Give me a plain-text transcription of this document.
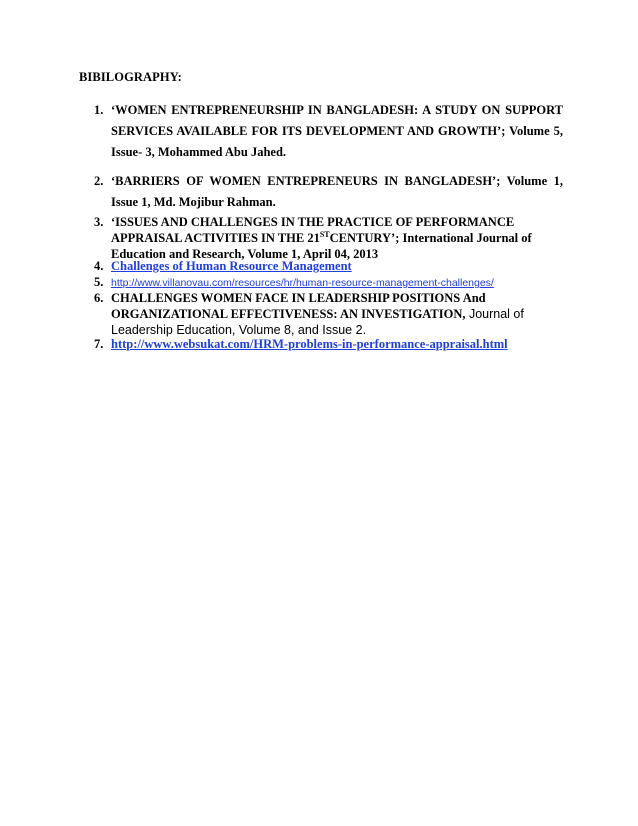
BIBILOGRAPHY:
1. ‘WOMEN ENTREPRENEURSHIP IN BANGLADESH: A STUDY ON SUPPORT
SERVICES AVAILABLE FOR ITS DEVELOPMENT AND GROWTH’; Volume 5,
Issue- 3, Mohammed Abu Jahed.
2. ‘BARRIERS OF WOMEN ENTREPRENEURS IN BANGLADESH’; Volume 1,
Issue 1, Md. Mojibur Rahman.
3. ‘ISSUES AND CHALLENGES IN THE PRACTICE OF PERFORMANCE
APPRAISAL ACTIVITIES IN THE 21STCENTURY’; International Journal of
Education and Research, Volume 1, April 04, 2013
4. Challenges of Human Resource Management
5. http://www.villanovau.com/resources/hr/human-resource-management-challenges/
6. CHALLENGES WOMEN FACE IN LEADERSHIP POSITIONS And
ORGANIZATIONAL EFFECTIVENESS: AN INVESTIGATION, Journal of
Leadership Education, Volume 8, and Issue 2.
7. http://www.websukat.com/HRM-problems-in-performance-appraisal.html
